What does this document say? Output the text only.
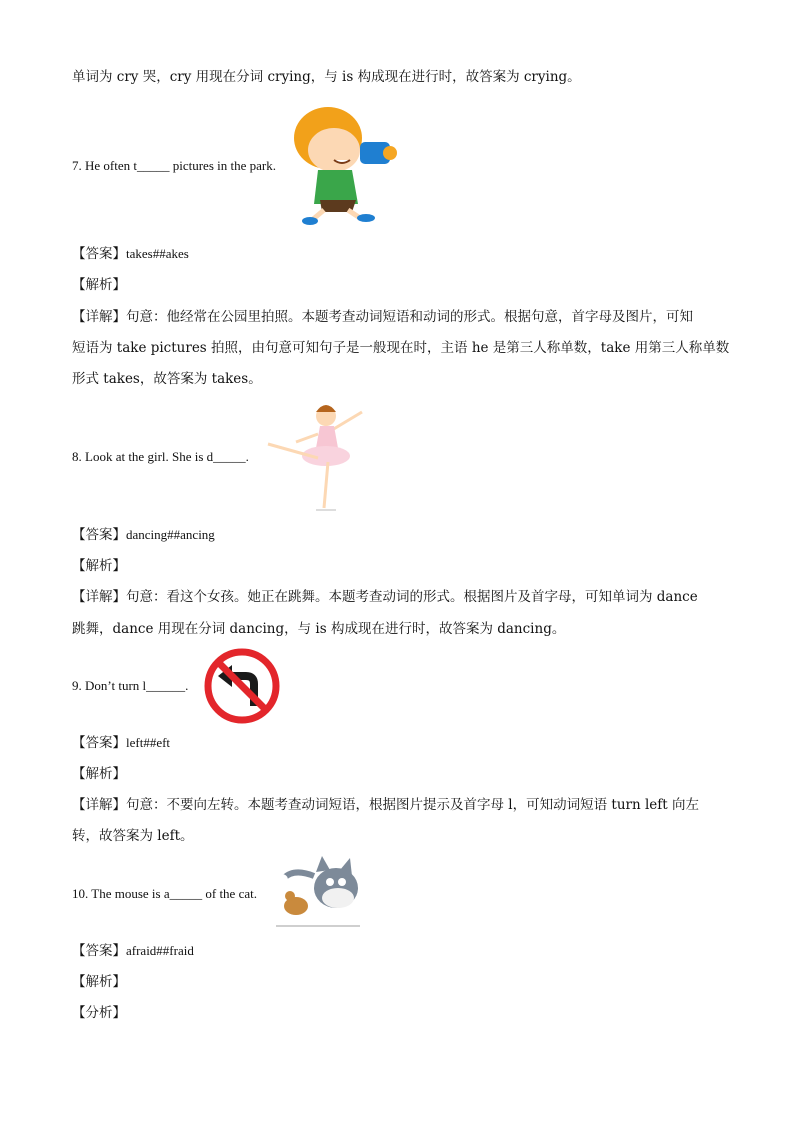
单词为 cry 哭，cry 用现在分词 crying，与 is 构成现在进行时，故答案为 crying。
7. He often t_____ pictures in the park.
【答案】takes##akes
【解析】
【详解】句意：他经常在公园里拍照。本题考查动词短语和动词的形式。根据句意，首字母及图片，可知
短语为 take pictures 拍照，由句意可知句子是一般现在时，主语 he 是第三人称单数，take 用第三人称单数
形式 takes，故答案为 takes。
8. Look at the girl. She is d_____.
【答案】dancing##ancing
【解析】
【详解】句意：看这个女孩。她正在跳舞。本题考查动词的形式。根据图片及首字母，可知单词为 dance
跳舞，dance 用现在分词 dancing，与 is 构成现在进行时，故答案为 dancing。
9. Don’t turn l______.
【答案】left##eft
【解析】
【详解】句意：不要向左转。本题考查动词短语，根据图片提示及首字母 l，可知动词短语 turn left 向左
转，故答案为 left。
10. The mouse is a_____ of the cat.
【答案】afraid##fraid
【解析】
【分析】
